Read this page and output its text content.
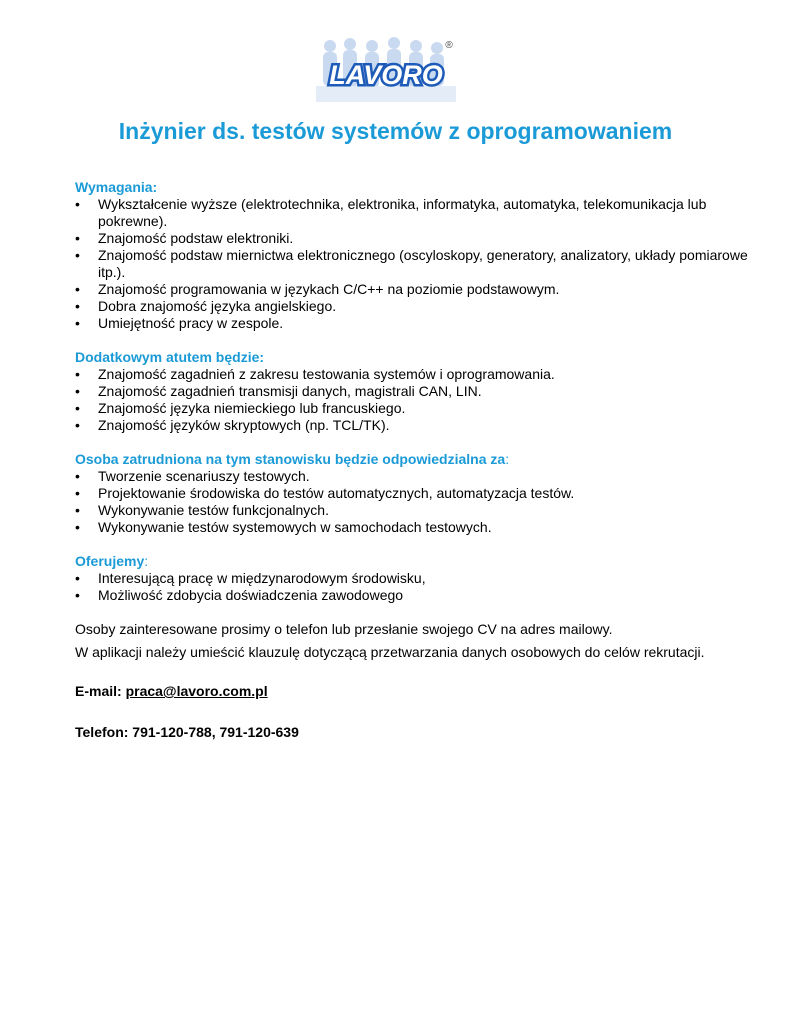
LAVORO
®
Inżynier ds. testów systemów z oprogramowaniem

Wymagania:

• Wykształcenie wyższe (elektrotechnika, elektronika, informatyka, automatyka, telekomunikacja lub pokrewne).
• Znajomość podstaw elektroniki.
• Znajomość podstaw miernictwa elektronicznego (oscyloskopy, generatory, analizatory, układy pomiarowe itp.).
• Znajomość programowania w językach C/C++ na poziomie podstawowym.
• Dobra znajomość języka angielskiego.
• Umiejętność pracy w zespole.

Dodatkowym atutem będzie:

• Znajomość zagadnień z zakresu testowania systemów i oprogramowania.
• Znajomość zagadnień transmisji danych, magistrali CAN, LIN.
• Znajomość języka niemieckiego lub francuskiego.
• Znajomość języków skryptowych (np. TCL/TK).

Osoba zatrudniona na tym stanowisku będzie odpowiedzialna za:

• Tworzenie scenariuszy testowych.
• Projektowanie środowiska do testów automatycznych, automatyzacja testów.
• Wykonywanie testów funkcjonalnych.
• Wykonywanie testów systemowych w samochodach testowych.

Oferujemy:

• Interesującą pracę w międzynarodowym środowisku,
• Możliwość zdobycia doświadczenia zawodowego

Osoby zainteresowane prosimy o telefon lub przesłanie swojego CV na adres mailowy.

W aplikacji należy umieścić klauzulę dotyczącą przetwarzania danych osobowych do celów rekrutacji.

E-mail: praca@lavoro.com.pl

Telefon: 791-120-788, 791-120-639
